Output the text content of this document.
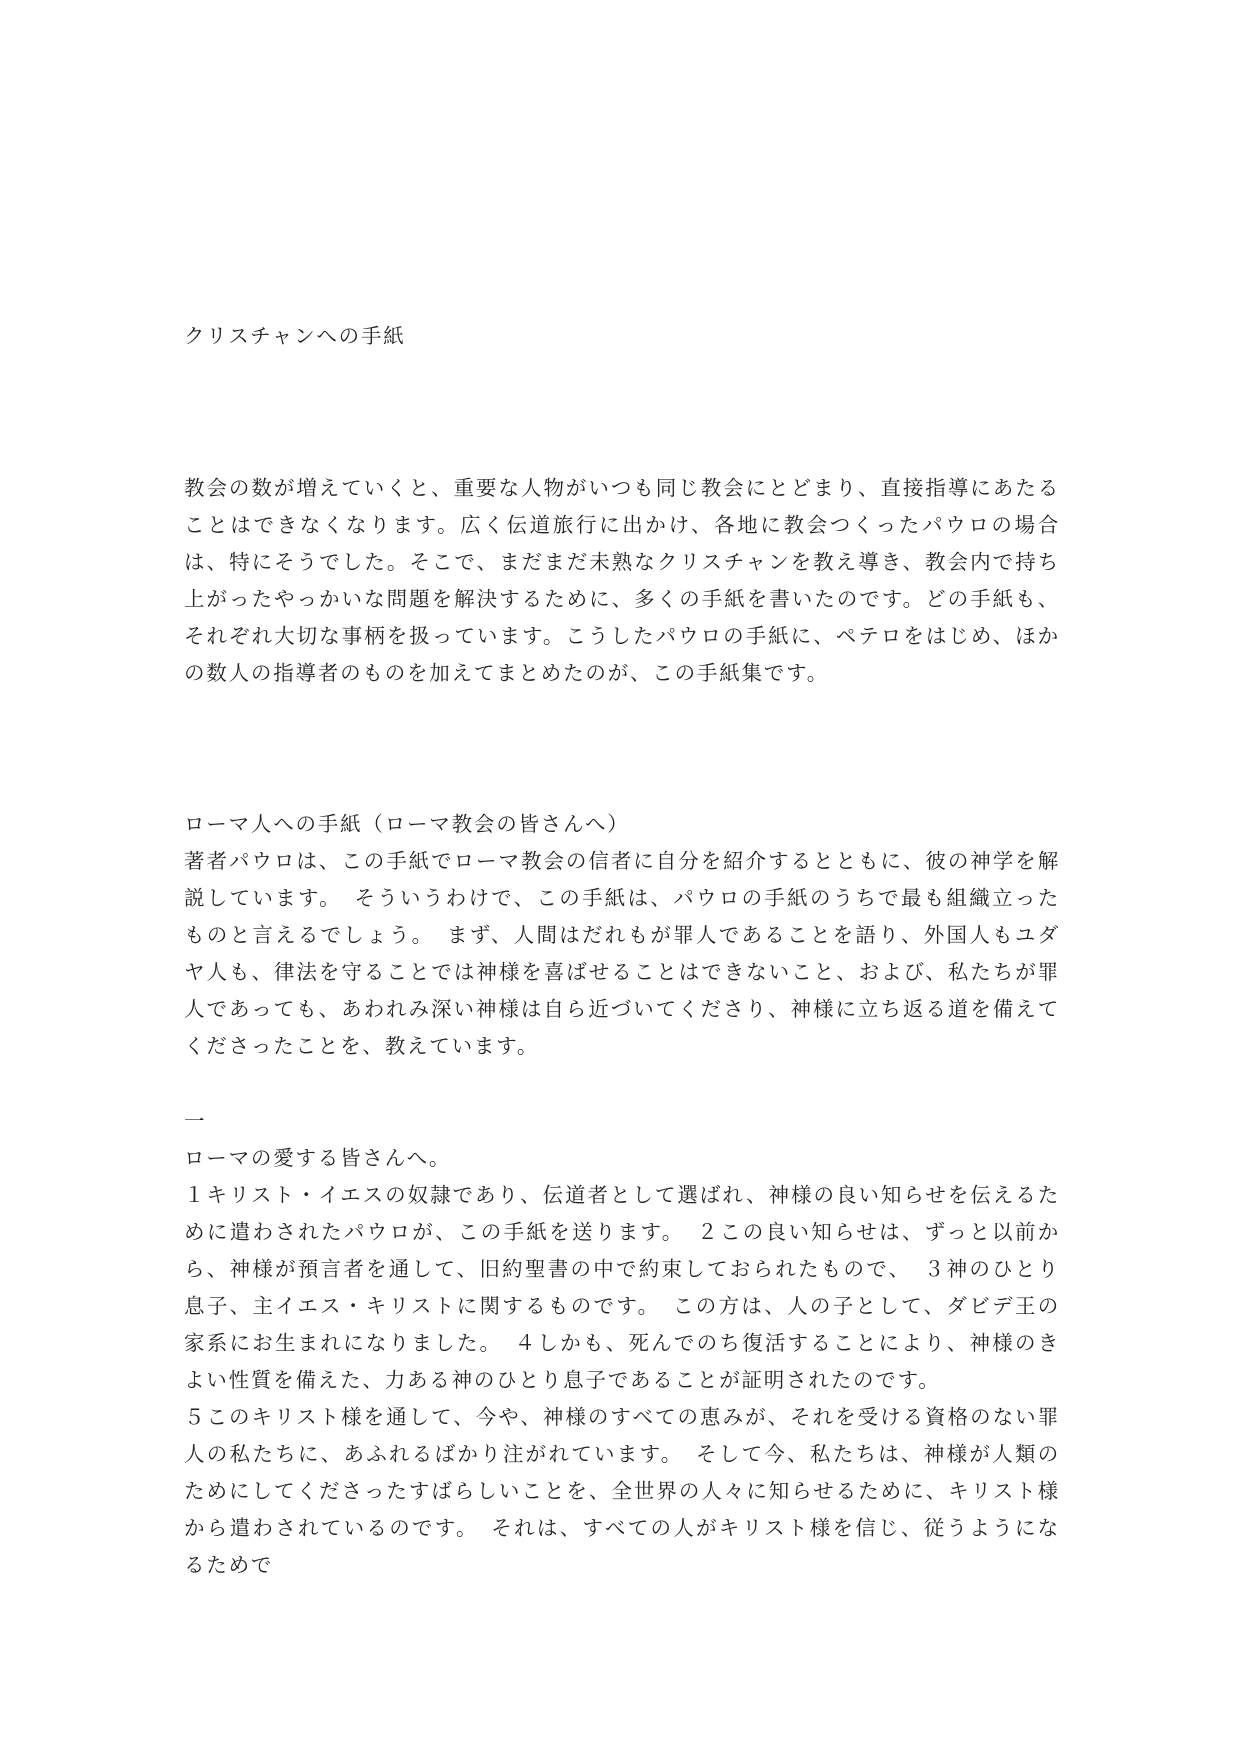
クリスチャンへの手紙

教会の数が増えていくと、重要な人物がいつも同じ教会にとどまり、直接指導にあたることはできなくなります。広く伝道旅行に出かけ、各地に教会つくったパウロの場合は、特にそうでした。そこで、まだまだ未熟なクリスチャンを教え導き、教会内で持ち上がったやっかいな問題を解決するために、多くの手紙を書いたのです。どの手紙も、それぞれ大切な事柄を扱っています。こうしたパウロの手紙に、ペテロをはじめ、ほかの数人の指導者のものを加えてまとめたのが、この手紙集です。

ローマ人への手紙（ローマ教会の皆さんへ）

著者パウロは、この手紙でローマ教会の信者に自分を紹介するとともに、彼の神学を解説しています。　そういうわけで、この手紙は、パウロの手紙のうちで最も組織立ったものと言えるでしょう。　まず、人間はだれもが罪人であることを語り、外国人もユダヤ人も、律法を守ることでは神様を喜ばせることはできないこと、および、私たちが罪人であっても、あわれみ深い神様は自ら近づいてくださり、神様に立ち返る道を備えてくださったことを、教えています。

一

ローマの愛する皆さんへ。

１キリスト・イエスの奴隷であり、伝道者として選ばれ、神様の良い知らせを伝えるために遣わされたパウロが、この手紙を送ります。　２この良い知らせは、ずっと以前から、神様が預言者を通して、旧約聖書の中で約束しておられたもので、　３神のひとり息子、主イエス・キリストに関するものです。　この方は、人の子として、ダビデ王の家系にお生まれになりました。　４しかも、死んでのち復活することにより、神様のきよい性質を備えた、力ある神のひとり息子であることが証明されたのです。

５このキリスト様を通して、今や、神様のすべての恵みが、それを受ける資格のない罪人の私たちに、あふれるばかり注がれています。　そして今、私たちは、神様が人類のためにしてくださったすばらしいことを、全世界の人々に知らせるために、キリスト様から遣わされているのです。　それは、すべての人がキリスト様を信じ、従うようになるためで
